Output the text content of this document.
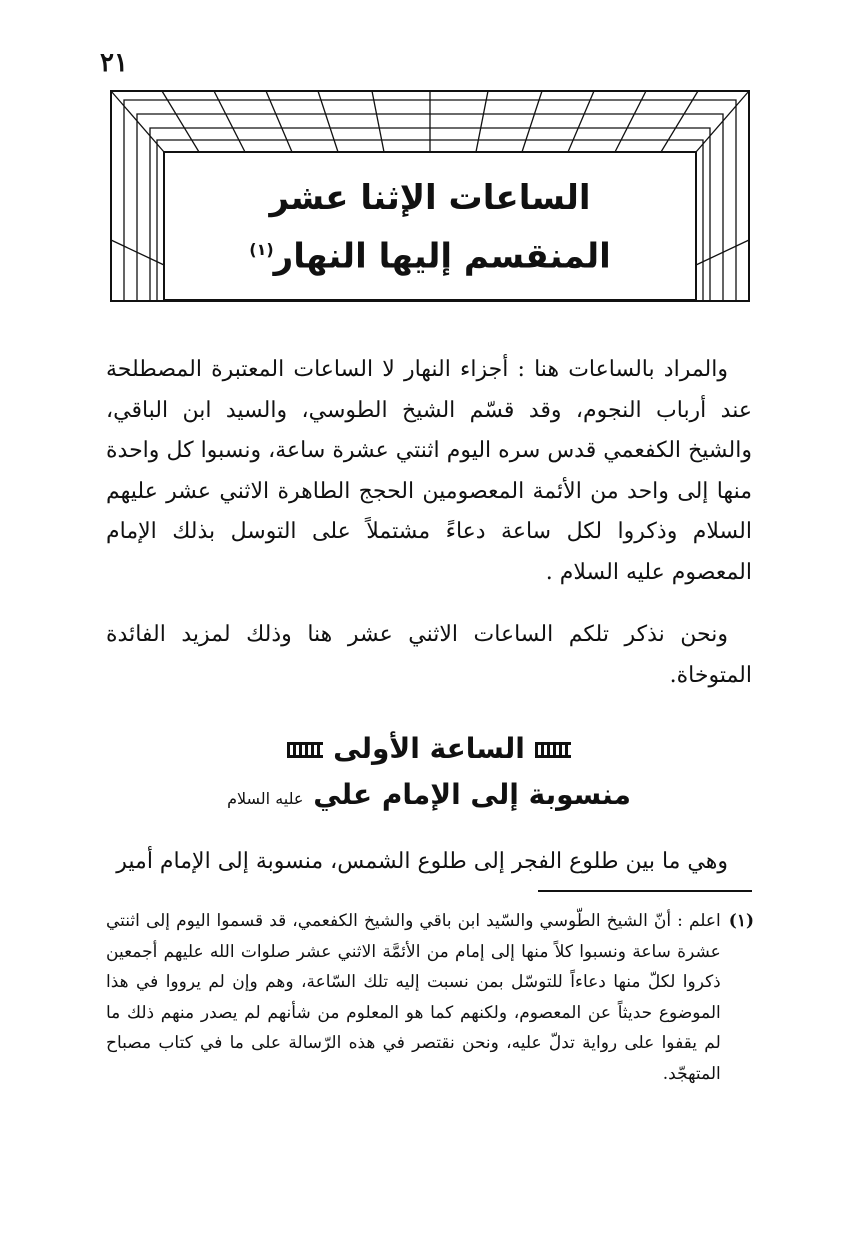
٢١
الساعات الإثنا عشر
المنقسم إليها النهار$^{(١)}$

والمراد بالساعات هنا : أجزاء النهار لا الساعات المعتبرة المصطلحة عند أرباب النجوم، وقد قسّم الشيخ الطوسي، والسيد ابن الباقي، والشيخ الكفعمي قدس سره اليوم اثنتي عشرة ساعة، ونسبوا كل واحدة منها إلى واحد من الأئمة المعصومين الحجج الطاهرة الاثني عشر عليهم السلام وذكروا لكل ساعة دعاءً مشتملاً على التوسل بذلك الإمام المعصوم عليه السلام .

ونحن نذكر تلكم الساعات الاثني عشر هنا وذلك لمزيد الفائدة المتوخاة.

الساعة الأولى
منسوبة إلى الإمام علي عليه السلام

وهي ما بين طلوع الفجر إلى طلوع الشمس، منسوبة إلى الإمام أمير

(١)
اعلم : أنّ الشيخ الطّوسي والسّيد ابن باقي والشيخ الكفعمي، قد قسموا اليوم إلى اثنتي عشرة ساعة ونسبوا كلاً منها إلى إمام من الأئمَّة الاثني عشر صلوات الله عليهم أجمعين ذكروا لكلّ منها دعاءاً للتوسّل بمن نسبت إليه تلك السّاعة، وهم وإن لم يرووا في هذا الموضوع حديثاً عن المعصوم، ولكنهم كما هو المعلوم من شأنهم لم يصدر منهم ذلك ما لم يقفوا على رواية تدلّ عليه، ونحن نقتصر في هذه الرّسالة على ما في كتاب مصباح المتهجّد.
